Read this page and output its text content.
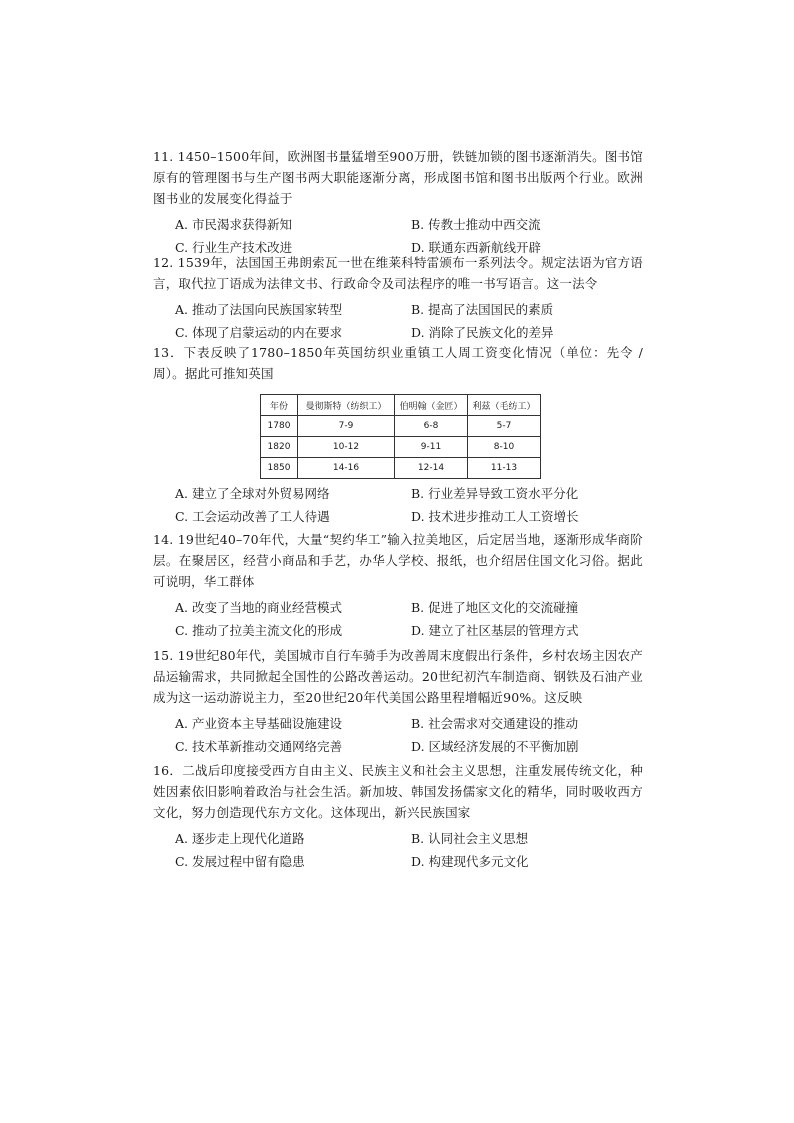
11. 1450–1500年间，欧洲图书量猛增至900万册，铁链加锁的图书逐渐消失。图书馆原有的管理图书与生产图书两大职能逐渐分离，形成图书馆和图书出版两个行业。欧洲图书业的发展变化得益于
A. 市民渴求获得新知	B. 传教士推动中西交流
C. 行业生产技术改进	D. 联通东西新航线开辟
12. 1539年，法国国王弗朗索瓦一世在维莱科特雷颁布一系列法令。规定法语为官方语言，取代拉丁语成为法律文书、行政命令及司法程序的唯一书写语言。这一法令
A. 推动了法国向民族国家转型	B. 提高了法国国民的素质
C. 体现了启蒙运动的内在要求	D. 消除了民族文化的差异
13．下表反映了1780–1850年英国纺织业重镇工人周工资变化情况（单位：先令 / 周）。据此可推知英国
年份	曼彻斯特（纺织工）	伯明翰（金匠）	利兹（毛纺工）
1780	7-9	6-8	5-7
1820	10-12	9-11	8-10
1850	14-16	12-14	11-13
A. 建立了全球对外贸易网络	B. 行业差异导致工资水平分化
C. 工会运动改善了工人待遇	D. 技术进步推动工人工资增长
14. 19世纪40–70年代，大量“契约华工”输入拉美地区，后定居当地，逐渐形成华商阶层。在聚居区，经营小商品和手艺，办华人学校、报纸，也介绍居住国文化习俗。据此可说明，华工群体
A. 改变了当地的商业经营模式	B. 促进了地区文化的交流碰撞
C. 推动了拉美主流文化的形成	D. 建立了社区基层的管理方式
15. 19世纪80年代，美国城市自行车骑手为改善周末度假出行条件，乡村农场主因农产品运输需求，共同掀起全国性的公路改善运动。20世纪初汽车制造商、钢铁及石油产业成为这一运动游说主力，至20世纪20年代美国公路里程增幅近90%。这反映
A. 产业资本主导基础设施建设	B. 社会需求对交通建设的推动
C. 技术革新推动交通网络完善	D. 区域经济发展的不平衡加剧
16．二战后印度接受西方自由主义、民族主义和社会主义思想，注重发展传统文化，种姓因素依旧影响着政治与社会生活。新加坡、韩国发扬儒家文化的精华，同时吸收西方文化，努力创造现代东方文化。这体现出，新兴民族国家
A. 逐步走上现代化道路	B. 认同社会主义思想
C. 发展过程中留有隐患	D. 构建现代多元文化
